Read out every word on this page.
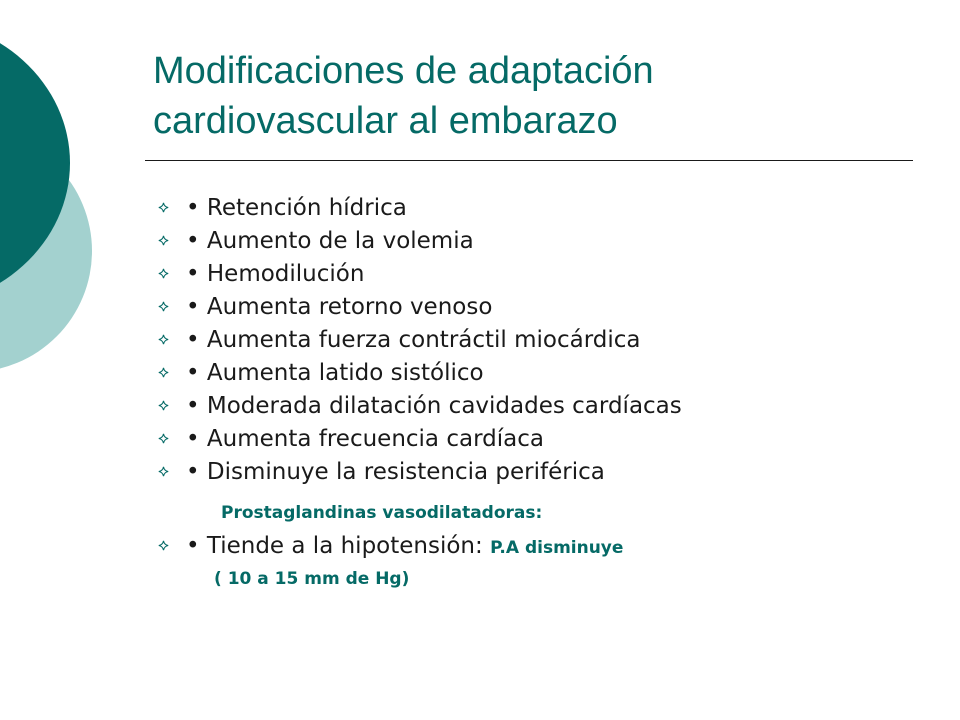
Modificaciones de adaptación
cardiovascular al embarazo
• Retención hídrica
• Aumento de la volemia
• Hemodilución
• Aumenta retorno venoso
• Aumenta fuerza contráctil miocárdica
• Aumenta latido sistólico
• Moderada dilatación cavidades cardíacas
• Aumenta frecuencia cardíaca
• Disminuye la resistencia periférica
• Tiende a la hipotensión: P.A disminuye
Prostaglandinas vasodilatadoras:
( 10 a 15 mm de Hg)
